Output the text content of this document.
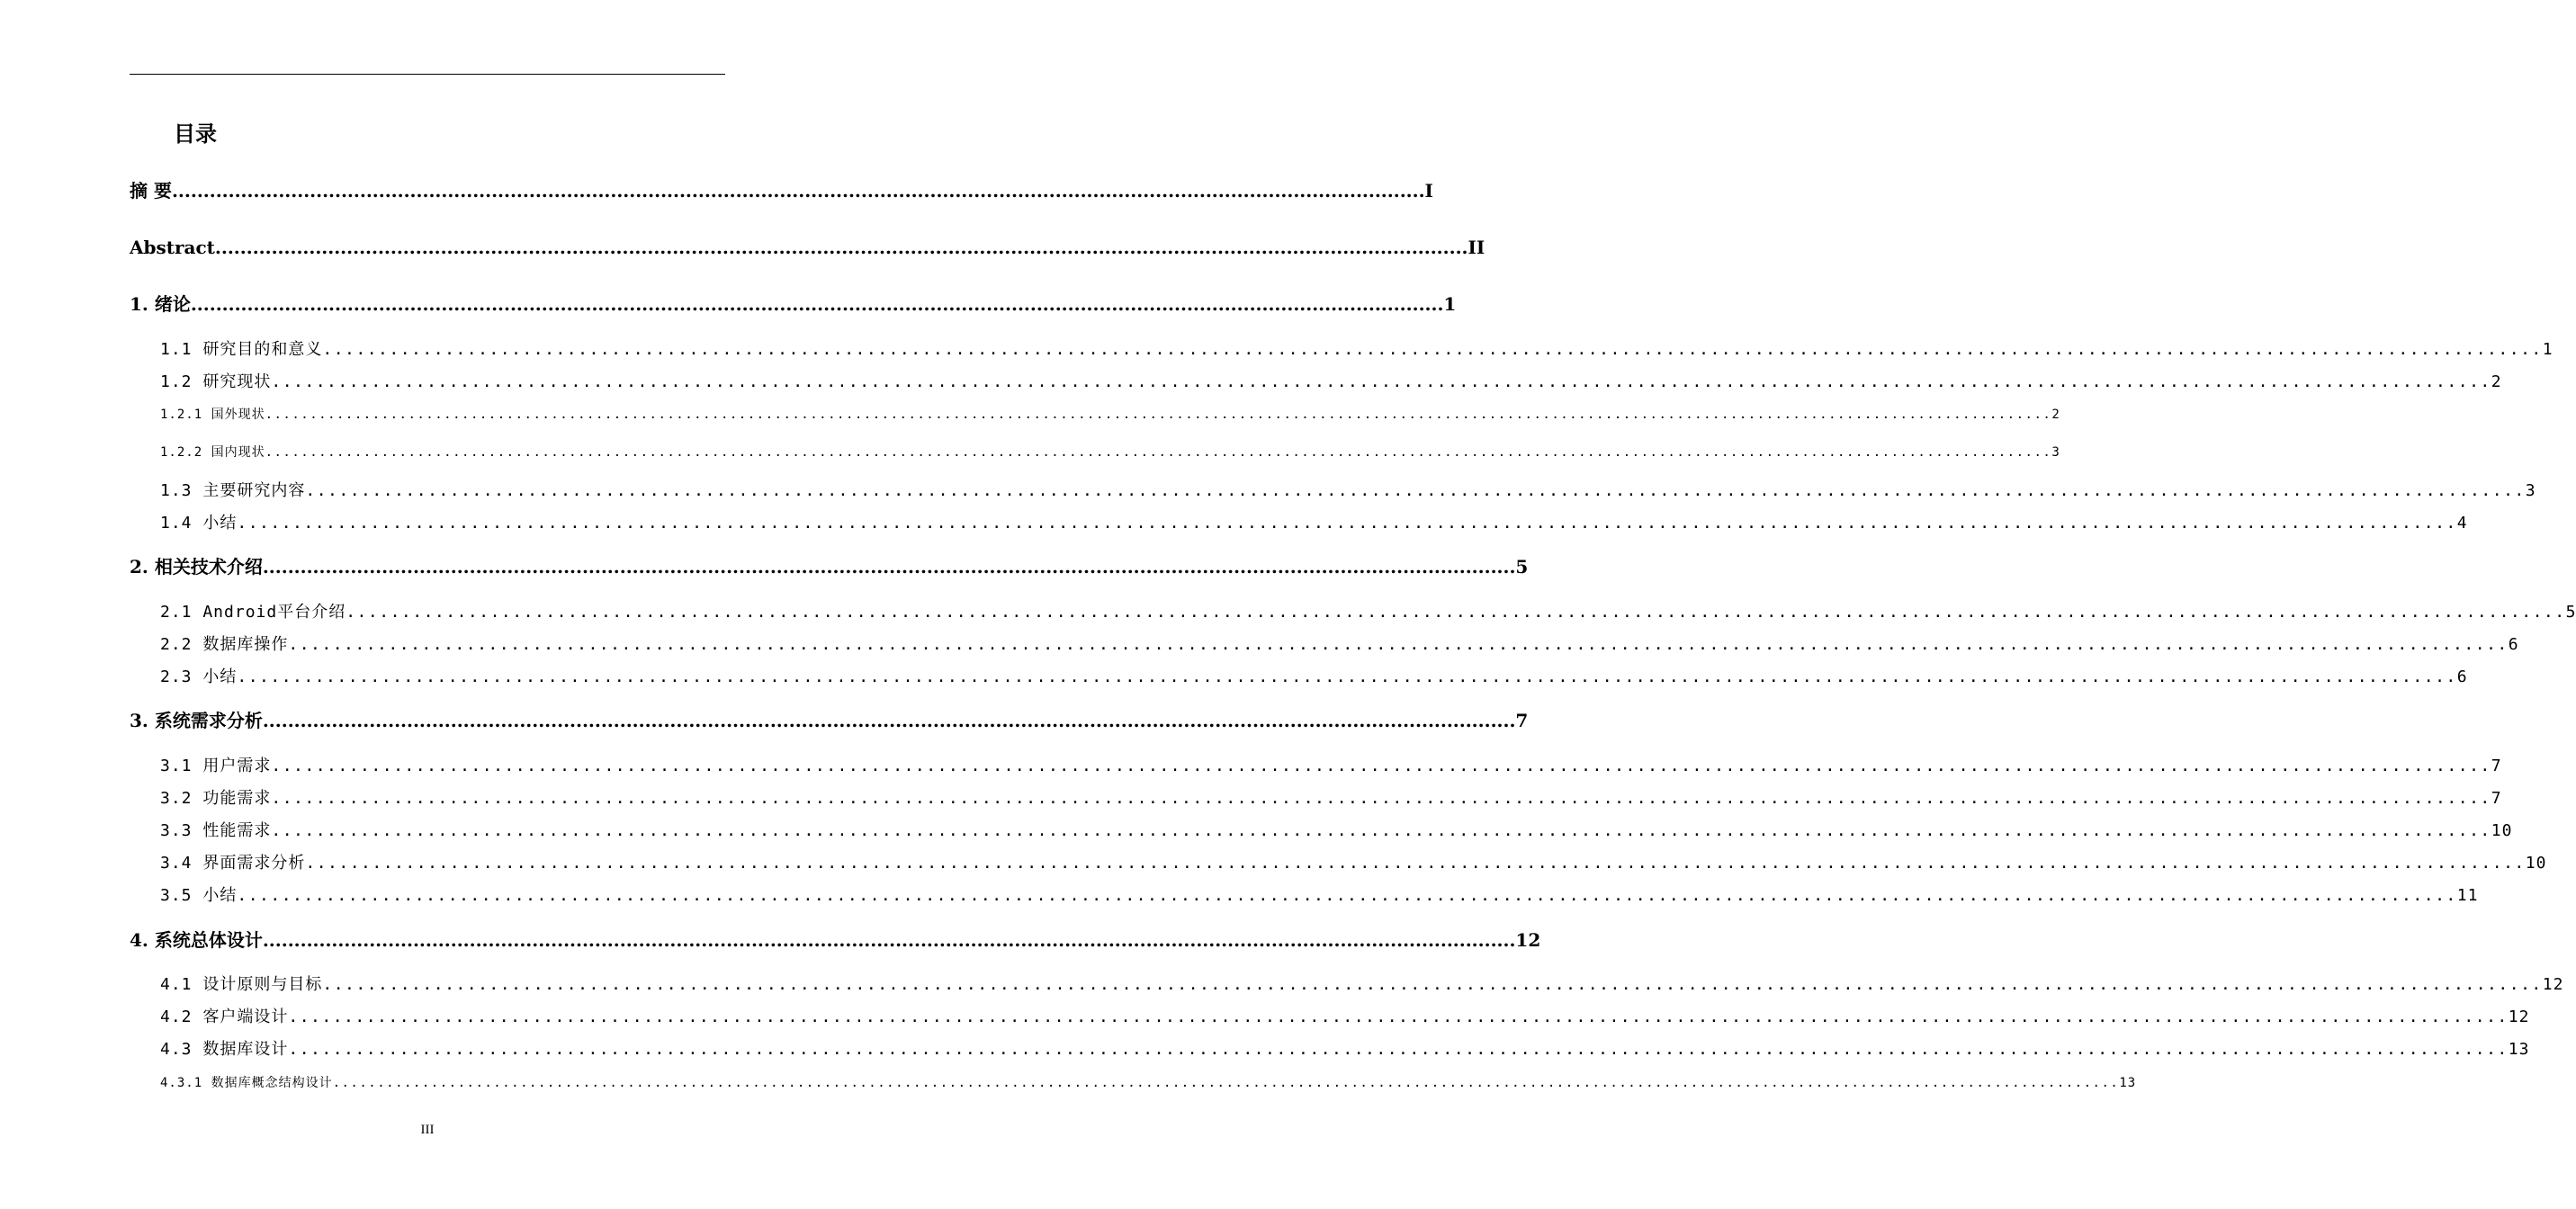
目录
摘 要 ........................................................................................................................................................................................................ I
Abstract ........................................................................................................................................................................................................ II
1. 绪论 ........................................................................................................................................................................................................ 1
1.1 研究目的和意义 ........................................................................................................................................................................................................ 1
1.2 研究现状 ........................................................................................................................................................................................................ 2
1.2.1 国外现状 ........................................................................................................................................................................................................ 2
1.2.2 国内现状 ........................................................................................................................................................................................................ 3
1.3 主要研究内容 ........................................................................................................................................................................................................ 3
1.4 小结 ........................................................................................................................................................................................................ 4
2. 相关技术介绍 ........................................................................................................................................................................................................ 5
2.1 Android平台介绍 ........................................................................................................................................................................................................ 5
2.2 数据库操作 ........................................................................................................................................................................................................ 6
2.3 小结 ........................................................................................................................................................................................................ 6
3. 系统需求分析 ........................................................................................................................................................................................................ 7
3.1 用户需求 ........................................................................................................................................................................................................ 7
3.2 功能需求 ........................................................................................................................................................................................................ 7
3.3 性能需求 ........................................................................................................................................................................................................ 10
3.4 界面需求分析 ........................................................................................................................................................................................................ 10
3.5 小结 ........................................................................................................................................................................................................ 11
4. 系统总体设计 ........................................................................................................................................................................................................ 12
4.1 设计原则与目标 ........................................................................................................................................................................................................ 12
4.2 客户端设计 ........................................................................................................................................................................................................ 12
4.3 数据库设计 ........................................................................................................................................................................................................ 13
4.3.1 数据库概念结构设计 ........................................................................................................................................................................................................ 13
III
